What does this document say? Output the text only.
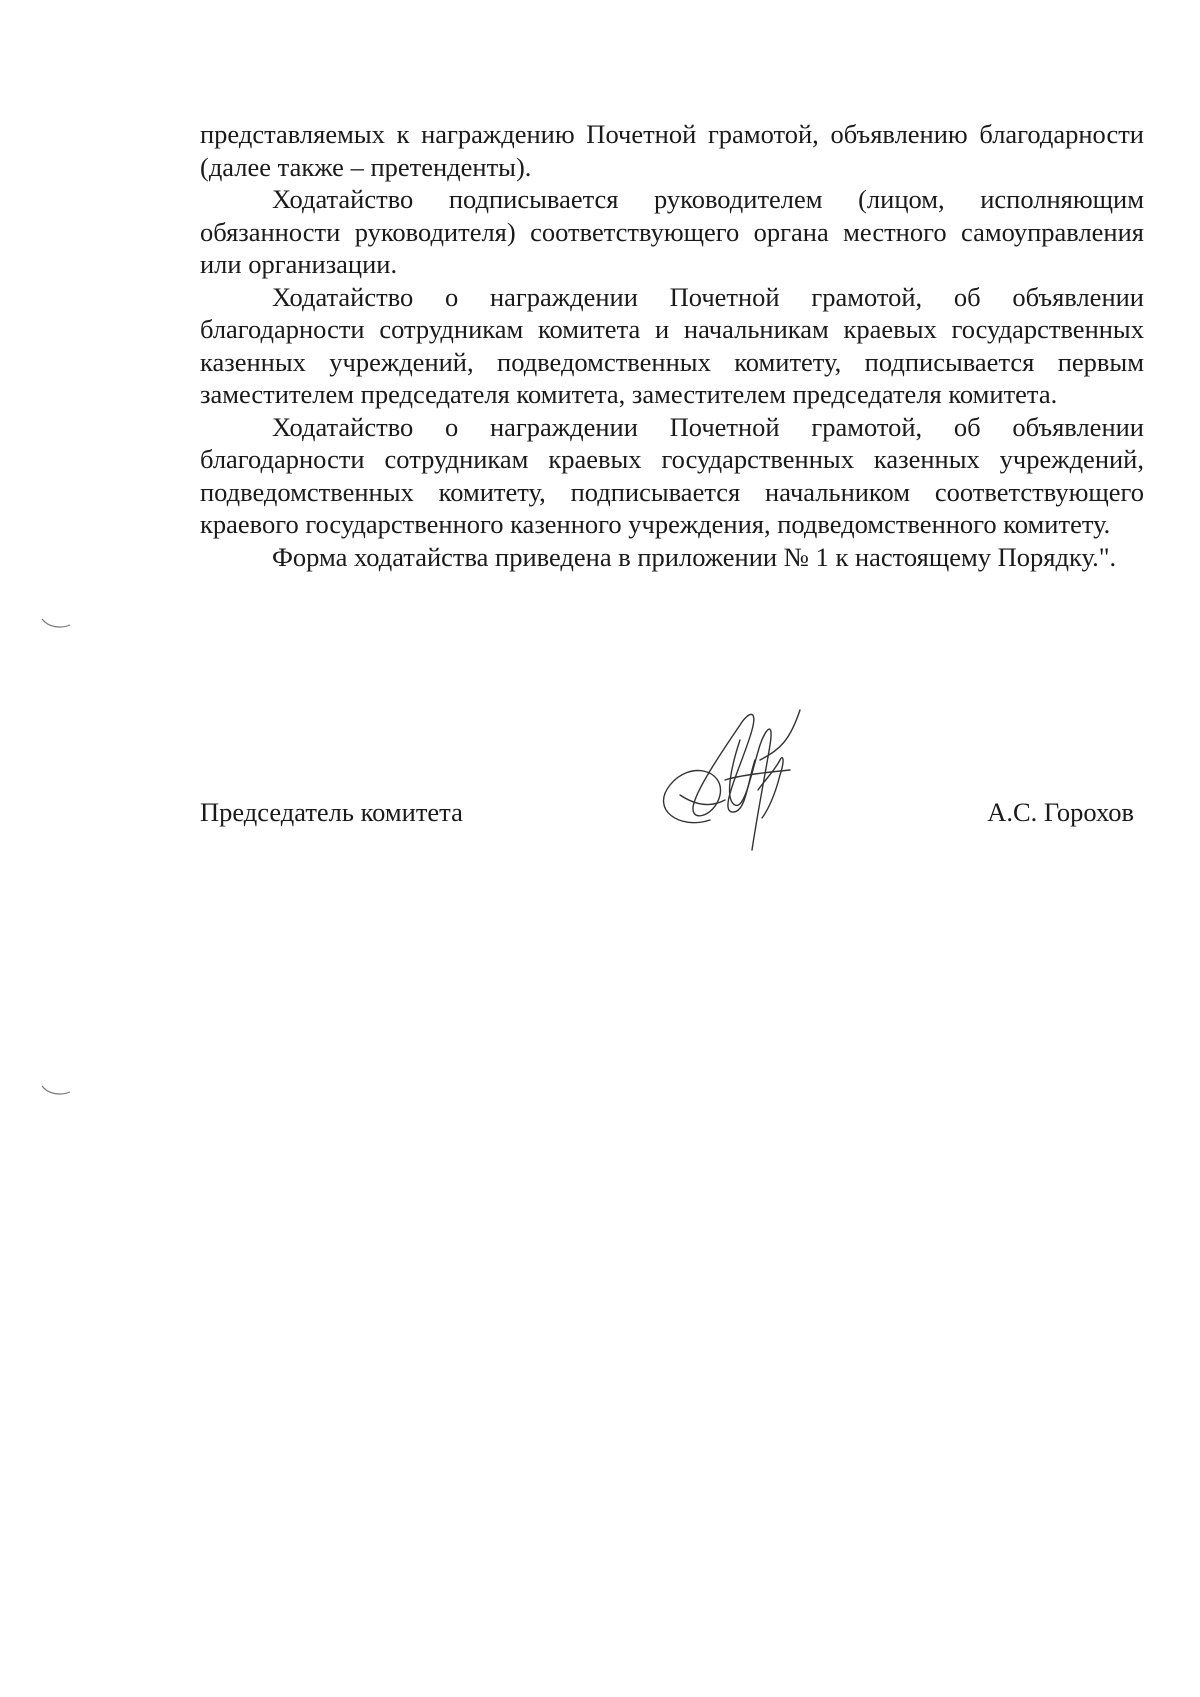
представляемых к награждению Почетной грамотой, объявлению благодарности (далее также – претенденты).

Ходатайство подписывается руководителем (лицом, исполняющим обязанности руководителя) соответствующего органа местного самоуправления или организации.

Ходатайство о награждении Почетной грамотой, об объявлении благодарности сотрудникам комитета и начальникам краевых государственных казенных учреждений, подведомственных комитету, подписывается первым заместителем председателя комитета, заместителем председателя комитета.

Ходатайство о награждении Почетной грамотой, об объявлении благодарности сотрудникам краевых государственных казенных учреждений, подведомственных комитету, подписывается начальником соответствующего краевого государственного казенного учреждения, подведомственного комитету.

Форма ходатайства приведена в приложении № 1 к настоящему Порядку.".

Председатель комитета	А.С. Горохов
